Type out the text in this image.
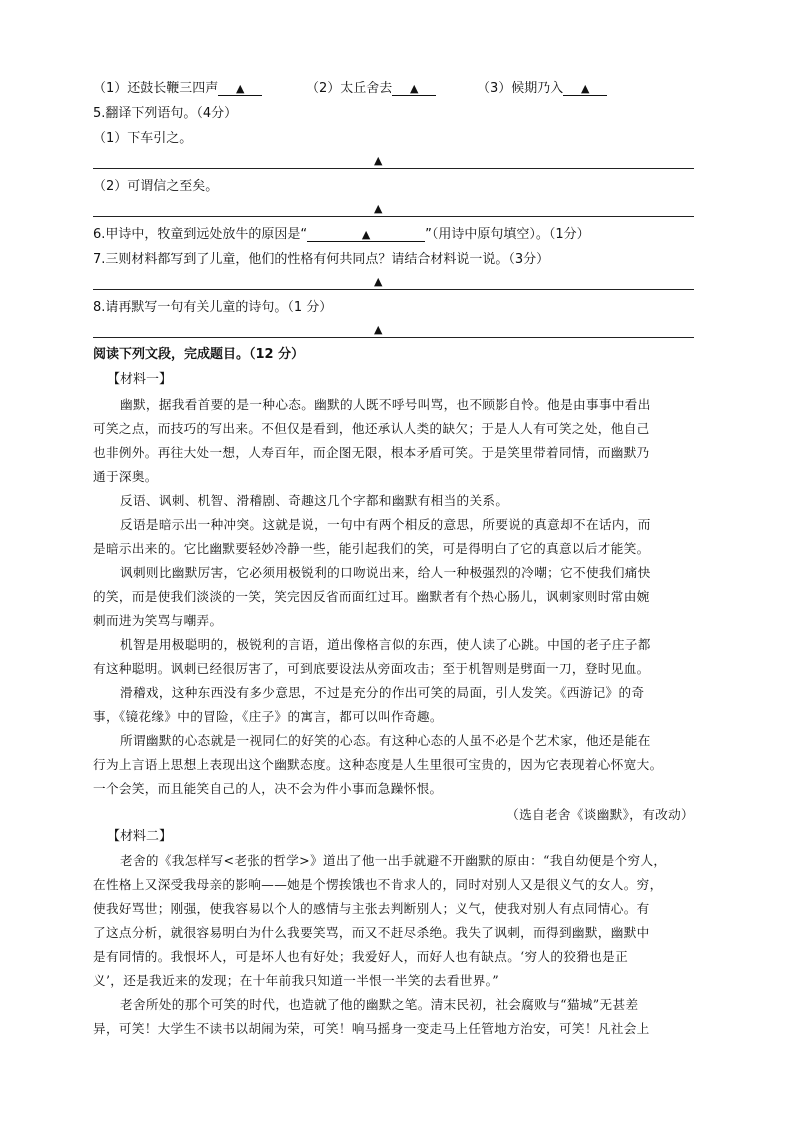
（1）还鼓长鞭三四声 ▲	（2）太丘舍去 ▲	（3）候期乃入 ▲
5.翻译下列语句。（4分）
（1）下车引之。
▲
（2）可谓信之至矣。
▲
6.甲诗中，牧童到远处放牛的原因是“	▲	”（用诗中原句填空）。（1分）
7.三则材料都写到了儿童，他们的性格有何共同点？请结合材料说一说。（3分）
▲
8.请再默写一句有关儿童的诗句。（1 分）
▲
阅读下列文段，完成题目。（12 分）
【材料一】
幽默，据我看首要的是一种心态。幽默的人既不呼号叫骂，也不顾影自怜。他是由事事中看出
可笑之点，而技巧的写出来。不但仅是看到，他还承认人类的缺欠；于是人人有可笑之处，他自己
也非例外。再往大处一想，人寿百年，而企图无限，根本矛盾可笑。于是笑里带着同情，而幽默乃
通于深奥。
反语、讽刺、机智、滑稽剧、奇趣这几个字都和幽默有相当的关系。
反语是暗示出一种冲突。这就是说，一句中有两个相反的意思，所要说的真意却不在话内，而
是暗示出来的。它比幽默要轻妙冷静一些，能引起我们的笑，可是得明白了它的真意以后才能笑。
讽刺则比幽默厉害，它必须用极锐利的口吻说出来，给人一种极强烈的冷嘲；它不使我们痛快
的笑，而是使我们淡淡的一笑，笑完因反省而面红过耳。幽默者有个热心肠儿，讽刺家则时常由婉
刺而进为笑骂与嘲弄。
机智是用极聪明的，极锐利的言语，道出像格言似的东西，使人读了心跳。中国的老子庄子都
有这种聪明。讽刺已经很厉害了，可到底要设法从旁面攻击；至于机智则是劈面一刀，登时见血。
滑稽戏，这种东西没有多少意思，不过是充分的作出可笑的局面，引人发笑。《西游记》的奇
事，《镜花缘》中的冒险，《庄子》的寓言，都可以叫作奇趣。
所谓幽默的心态就是一视同仁的好笑的心态。有这种心态的人虽不必是个艺术家，他还是能在
行为上言语上思想上表现出这个幽默态度。这种态度是人生里很可宝贵的，因为它表现着心怀宽大。
一个会笑，而且能笑自己的人，决不会为件小事而急躁怀恨。
（选自老舍《谈幽默》，有改动）
【材料二】
老舍的《我怎样写<老张的哲学>》道出了他一出手就避不开幽默的原由：“我自幼便是个穷人，
在性格上又深受我母亲的影响——她是个愣挨饿也不肯求人的，同时对别人又是很义气的女人。穷，
使我好骂世；刚强，使我容易以个人的感情与主张去判断别人；义气，使我对别人有点同情心。有
了这点分析，就很容易明白为什么我要笑骂，而又不赶尽杀绝。我失了讽刺，而得到幽默，幽默中
是有同情的。我恨坏人，可是坏人也有好处；我爱好人，而好人也有缺点。‘穷人的狡猾也是正
义’，还是我近来的发现；在十年前我只知道一半恨一半笑的去看世界。”
老舍所处的那个可笑的时代，也造就了他的幽默之笔。清末民初，社会腐败与“猫城”无甚差
异，可笑！大学生不读书以胡闹为荣，可笑！响马摇身一变走马上任管地方治安，可笑！凡社会上
